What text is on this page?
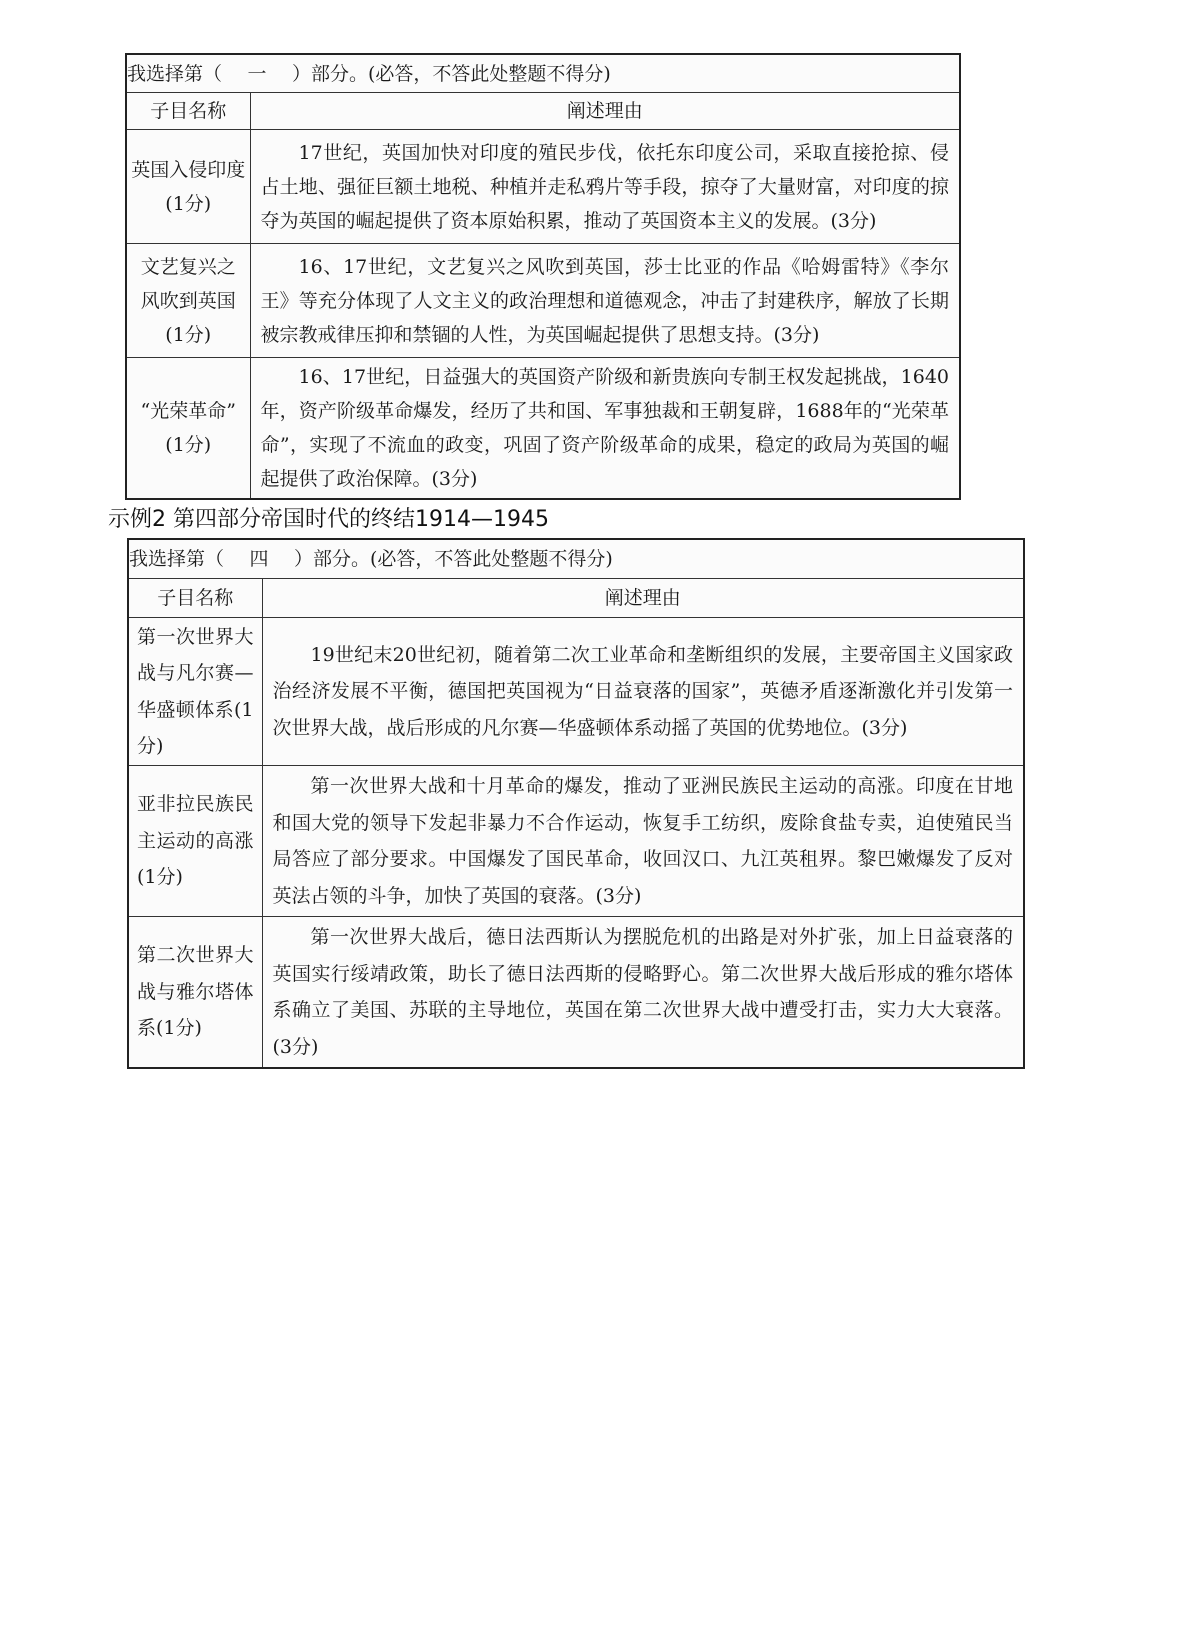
我选择第（ 一 ）部分。(必答，不答此处整题不得分)	
子目名称	阐述理由

英国入侵印度
(1分)	17世纪，英国加快对印度的殖民步伐，依托东印度公司，采取直接抢掠、侵占土地、强征巨额土地税、种植并走私鸦片等手段，掠夺了大量财富，对印度的掠夺为英国的崛起提供了资本原始积累，推动了英国资本主义的发展。(3分)

文艺复兴之风吹到英国
(1分)	16、17世纪，文艺复兴之风吹到英国，莎士比亚的作品《哈姆雷特》《李尔王》等充分体现了人文主义的政治理想和道德观念，冲击了封建秩序，解放了长期被宗教戒律压抑和禁锢的人性，为英国崛起提供了思想支持。(3分)

“光荣革命”
(1分)	16、17世纪，日益强大的英国资产阶级和新贵族向专制王权发起挑战，1640年，资产阶级革命爆发，经历了共和国、军事独裁和王朝复辟，1688年的“光荣革命”，实现了不流血的政变，巩固了资产阶级革命的成果，稳定的政局为英国的崛起提供了政治保障。(3分)
示例2 第四部分帝国时代的终结1914—1945
我选择第（ 四 ）部分。(必答，不答此处整题不得分)	
子目名称	阐述理由

第一次世界大战与凡尔赛—华盛顿体系(1分)	19世纪末20世纪初，随着第二次工业革命和垄断组织的发展，主要帝国主义国家政治经济发展不平衡，德国把英国视为“日益衰落的国家”，英德矛盾逐渐激化并引发第一次世界大战，战后形成的凡尔赛—华盛顿体系动摇了英国的优势地位。(3分)

亚非拉民族民主运动的高涨(1分)	第一次世界大战和十月革命的爆发，推动了亚洲民族民主运动的高涨。印度在甘地和国大党的领导下发起非暴力不合作运动，恢复手工纺织，废除食盐专卖，迫使殖民当局答应了部分要求。中国爆发了国民革命，收回汉口、九江英租界。黎巴嫩爆发了反对英法占领的斗争，加快了英国的衰落。(3分)

第二次世界大战与雅尔塔体系(1分)	第一次世界大战后，德日法西斯认为摆脱危机的出路是对外扩张，加上日益衰落的英国实行绥靖政策，助长了德日法西斯的侵略野心。第二次世界大战后形成的雅尔塔体系确立了美国、苏联的主导地位，英国在第二次世界大战中遭受打击，实力大大衰落。(3分)
